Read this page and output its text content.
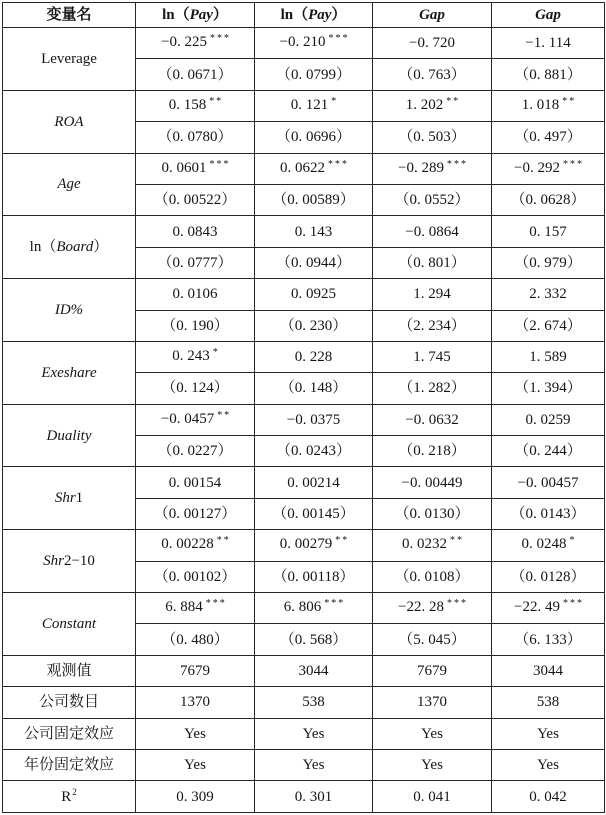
变量名	ln（Pay）	ln（Pay）	Gap	Gap
Leverage	−0. 225 ***	−0. 210 ***	−0. 720	−1. 114
	（0. 0671）	（0. 0799）	（0. 763）	（0. 881）
ROA	0. 158 **	0. 121 *	1. 202 **	1. 018 **
	（0. 0780）	（0. 0696）	（0. 503）	（0. 497）
Age	0. 0601 ***	0. 0622 ***	−0. 289 ***	−0. 292 ***
	（0. 00522）	（0. 00589）	（0. 0552）	（0. 0628）
ln（Board）	0. 0843	0. 143	−0. 0864	0. 157
	（0. 0777）	（0. 0944）	（0. 801）	（0. 979）
ID%	0. 0106	0. 0925	1. 294	2. 332
	（0. 190）	（0. 230）	（2. 234）	（2. 674）
Exeshare	0. 243 *	0. 228	1. 745	1. 589
	（0. 124）	（0. 148）	（1. 282）	（1. 394）
Duality	−0. 0457 **	−0. 0375	−0. 0632	0. 0259
	（0. 0227）	（0. 0243）	（0. 218）	（0. 244）
Shr1	0. 00154	0. 00214	−0. 00449	−0. 00457
	（0. 00127）	（0. 00145）	（0. 0130）	（0. 0143）
Shr2−10	0. 00228 **	0. 00279 **	0. 0232 **	0. 0248 *
	（0. 00102）	（0. 00118）	（0. 0108）	（0. 0128）
Constant	6. 884 ***	6. 806 ***	−22. 28 ***	−22. 49 ***
	（0. 480）	（0. 568）	（5. 045）	（6. 133）
观测值	7679	3044	7679	3044
公司数目	1370	538	1370	538
公司固定效应	Yes	Yes	Yes	Yes
年份固定效应	Yes	Yes	Yes	Yes
$R^2$	0. 309	0. 301	0. 041	0. 042
